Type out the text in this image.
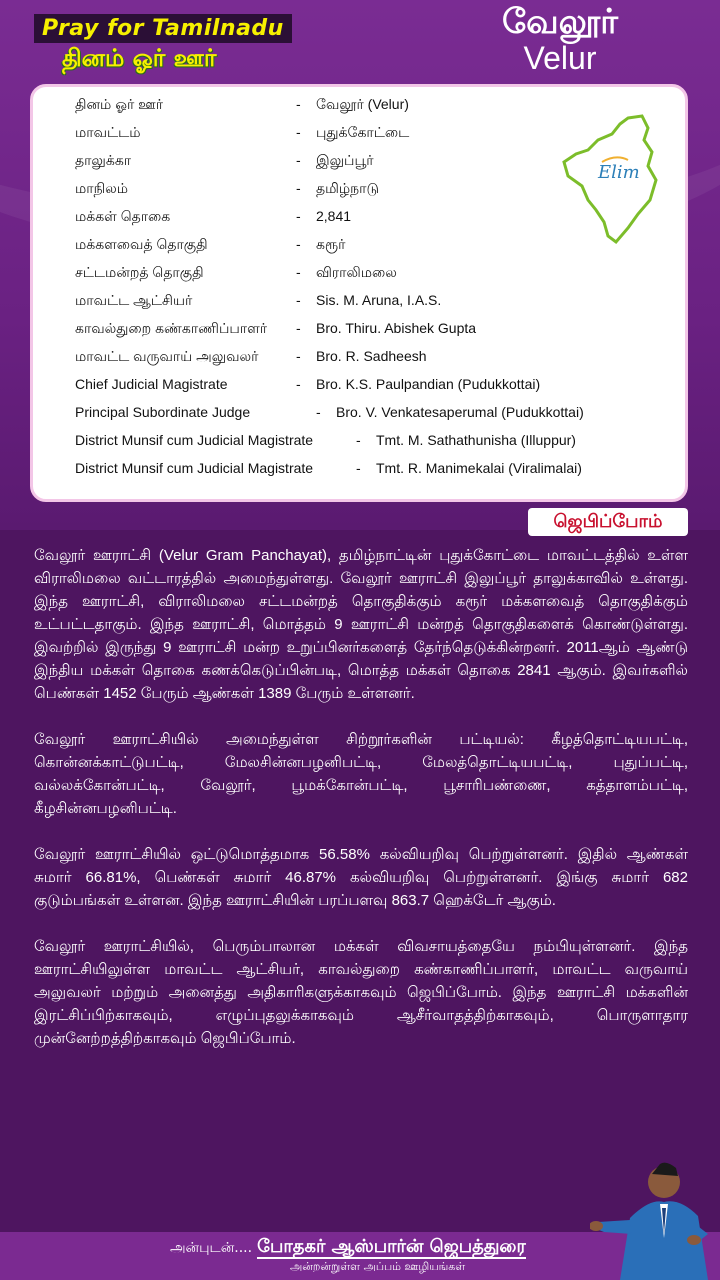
Pray for Tamilnadu
தினம் ஓர் ஊர்
வேலூர்
Velur
தினம் ஓர் ஊர்	- வேலூர் (Velur)
மாவட்டம்	- புதுக்கோட்டை
தாலுக்கா	- இலுப்பூர்
மாநிலம்	- தமிழ்நாடு
மக்கள் தொகை	- 2,841
மக்களவைத் தொகுதி	- கரூர்
சட்டமன்றத் தொகுதி	- விராலிமலை
மாவட்ட ஆட்சியர்	- Sis. M. Aruna, I.A.S.
காவல்துறை கண்காணிப்பாளர் - Bro. Thiru. Abishek Gupta
மாவட்ட வருவாய் அலுவலர்	- Bro. R. Sadheesh
Chief Judicial Magistrate	- Bro. K.S. Paulpandian (Pudukkottai)
Principal Subordinate Judge	- Bro. V. Venkatesaperumal (Pudukkottai)
District Munsif cum Judicial Magistrate	- Tmt. M. Sathathunisha (Illuppur)
District Munsif cum Judicial Magistrate	- Tmt. R. Manimekalai (Viralimalai)
Elim
ஜெபிப்போம்

வேலூர் ஊராட்சி (Velur Gram Panchayat), தமிழ்நாட்டின் புதுக்கோட்டை மாவட்டத்தில் உள்ள விராலிமலை வட்டாரத்தில் அமைந்துள்ளது. வேலூர் ஊராட்சி இலுப்பூர் தாலுக்காவில் உள்ளது. இந்த ஊராட்சி, விராலிமலை சட்டமன்றத் தொகுதிக்கும் கரூர் மக்களவைத் தொகுதிக்கும் உட்பட்டதாகும். இந்த ஊராட்சி, மொத்தம் 9 ஊராட்சி மன்றத் தொகுதிகளைக் கொண்டுள்ளது. இவற்றில் இருந்து 9 ஊராட்சி மன்ற உறுப்பினர்களைத் தேர்ந்தெடுக்கின்றனர். 2011ஆம் ஆண்டு இந்திய மக்கள் தொகை கணக்கெடுப்பின்படி, மொத்த மக்கள் தொகை 2841 ஆகும். இவர்களில் பெண்கள் 1452 பேரும் ஆண்கள் 1389 பேரும் உள்ளனர்.

வேலூர் ஊராட்சியில் அமைந்துள்ள சிற்றூர்களின் பட்டியல்: கீழத்தொட்டியபட்டி, கொன்னக்காட்டுபட்டி, மேலசின்னபழனிபட்டி, மேலத்தொட்டியபட்டி, புதுப்பட்டி, வல்லக்கோன்பட்டி, வேலூர், பூமக்கோன்பட்டி, பூசாரிபண்ணை, கத்தாளம்பட்டி, கீழசின்னபழனிபட்டி.

வேலூர் ஊராட்சியில் ஒட்டுமொத்தமாக 56.58% கல்வியறிவு பெற்றுள்ளனர். இதில் ஆண்கள் சுமார் 66.81%, பெண்கள் சுமார் 46.87% கல்வியறிவு பெற்றுள்ளனர். இங்கு சுமார் 682 குடும்பங்கள் உள்ளன. இந்த ஊராட்சியின் பரப்பளவு 863.7 ஹெக்டேர் ஆகும்.

வேலூர் ஊராட்சியில், பெரும்பாலான மக்கள் விவசாயத்தையே நம்பியுள்ளனர். இந்த ஊராட்சியிலுள்ள மாவட்ட ஆட்சியர், காவல்துறை கண்காணிப்பாளர், மாவட்ட வருவாய் அலுவலர் மற்றும் அனைத்து அதிகாரிகளுக்காகவும் ஜெபிப்போம். இந்த ஊராட்சி மக்களின் இரட்சிப்பிற்காகவும், எழுப்புதலுக்காகவும் ஆசீர்வாதத்திற்காகவும், பொருளாதார முன்னேற்றத்திற்காகவும் ஜெபிப்போம்.

அன்புடன்.... போதகர் ஆஸ்பார்ன் ஜெபத்துரை
அன்றன்றுள்ள அப்பம் ஊழியங்கள்
